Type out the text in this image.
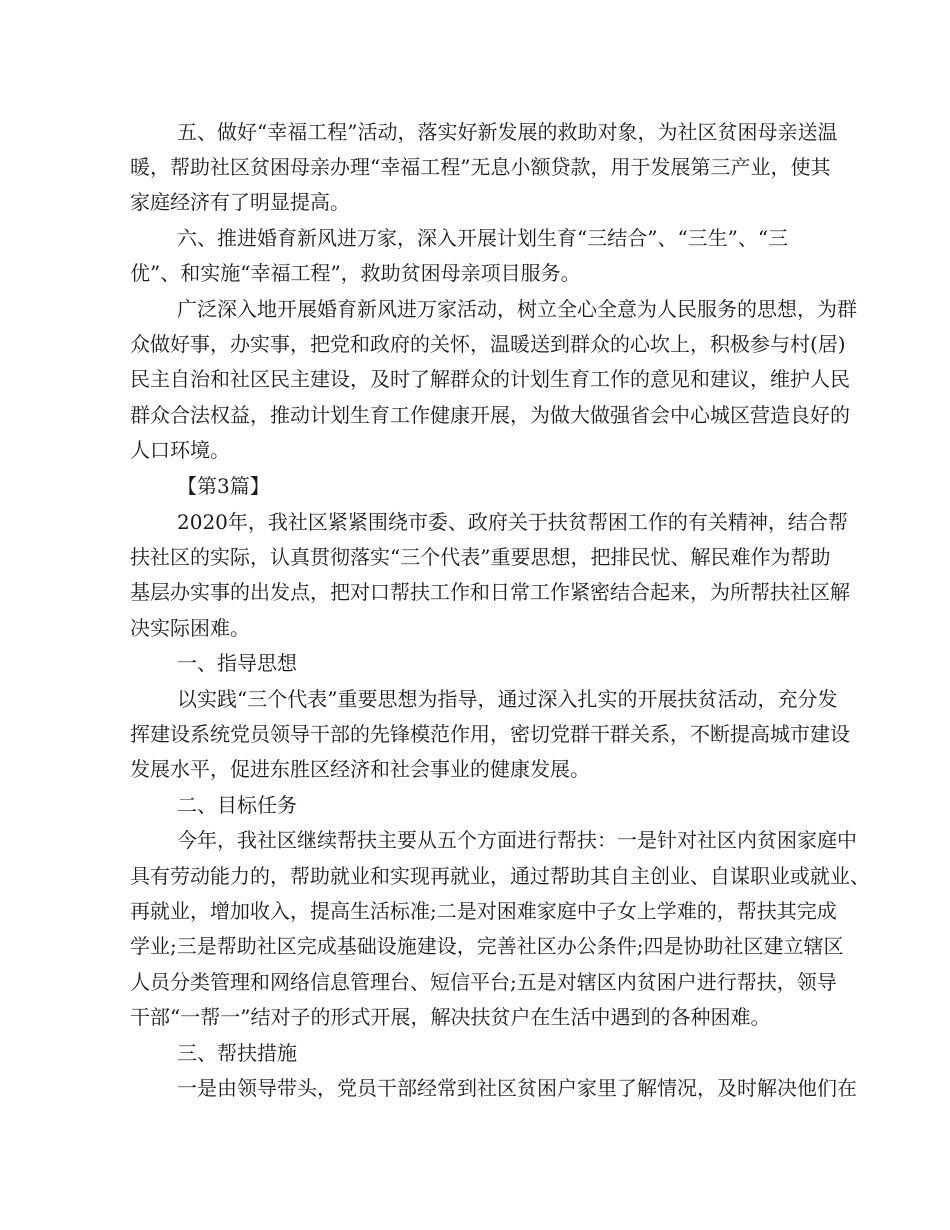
五、做好“幸福工程”活动，落实好新发展的救助对象，为社区贫困母亲送温
暖，帮助社区贫困母亲办理“幸福工程”无息小额贷款，用于发展第三产业，使其
家庭经济有了明显提高。
六、推进婚育新风进万家，深入开展计划生育“三结合”、“三生”、“三
优”、和实施“幸福工程”，救助贫困母亲项目服务。
广泛深入地开展婚育新风进万家活动，树立全心全意为人民服务的思想，为群
众做好事，办实事，把党和政府的关怀，温暖送到群众的心坎上，积极参与村(居)
民主自治和社区民主建设，及时了解群众的计划生育工作的意见和建议，维护人民
群众合法权益，推动计划生育工作健康开展，为做大做强省会中心城区营造良好的
人口环境。
【第3篇】
2020年，我社区紧紧围绕市委、政府关于扶贫帮困工作的有关精神，结合帮
扶社区的实际，认真贯彻落实“三个代表”重要思想，把排民忧、解民难作为帮助
基层办实事的出发点，把对口帮扶工作和日常工作紧密结合起来，为所帮扶社区解
决实际困难。
一、指导思想
以实践“三个代表”重要思想为指导，通过深入扎实的开展扶贫活动，充分发
挥建设系统党员领导干部的先锋模范作用，密切党群干群关系，不断提高城市建设
发展水平，促进东胜区经济和社会事业的健康发展。
二、目标任务
今年，我社区继续帮扶主要从五个方面进行帮扶：一是针对社区内贫困家庭中
具有劳动能力的，帮助就业和实现再就业，通过帮助其自主创业、自谋职业或就业、
再就业，增加收入，提高生活标准;二是对困难家庭中子女上学难的，帮扶其完成
学业;三是帮助社区完成基础设施建设，完善社区办公条件;四是协助社区建立辖区
人员分类管理和网络信息管理台、短信平台;五是对辖区内贫困户进行帮扶，领导
干部“一帮一”结对子的形式开展，解决扶贫户在生活中遇到的各种困难。
三、帮扶措施
一是由领导带头，党员干部经常到社区贫困户家里了解情况，及时解决他们在
